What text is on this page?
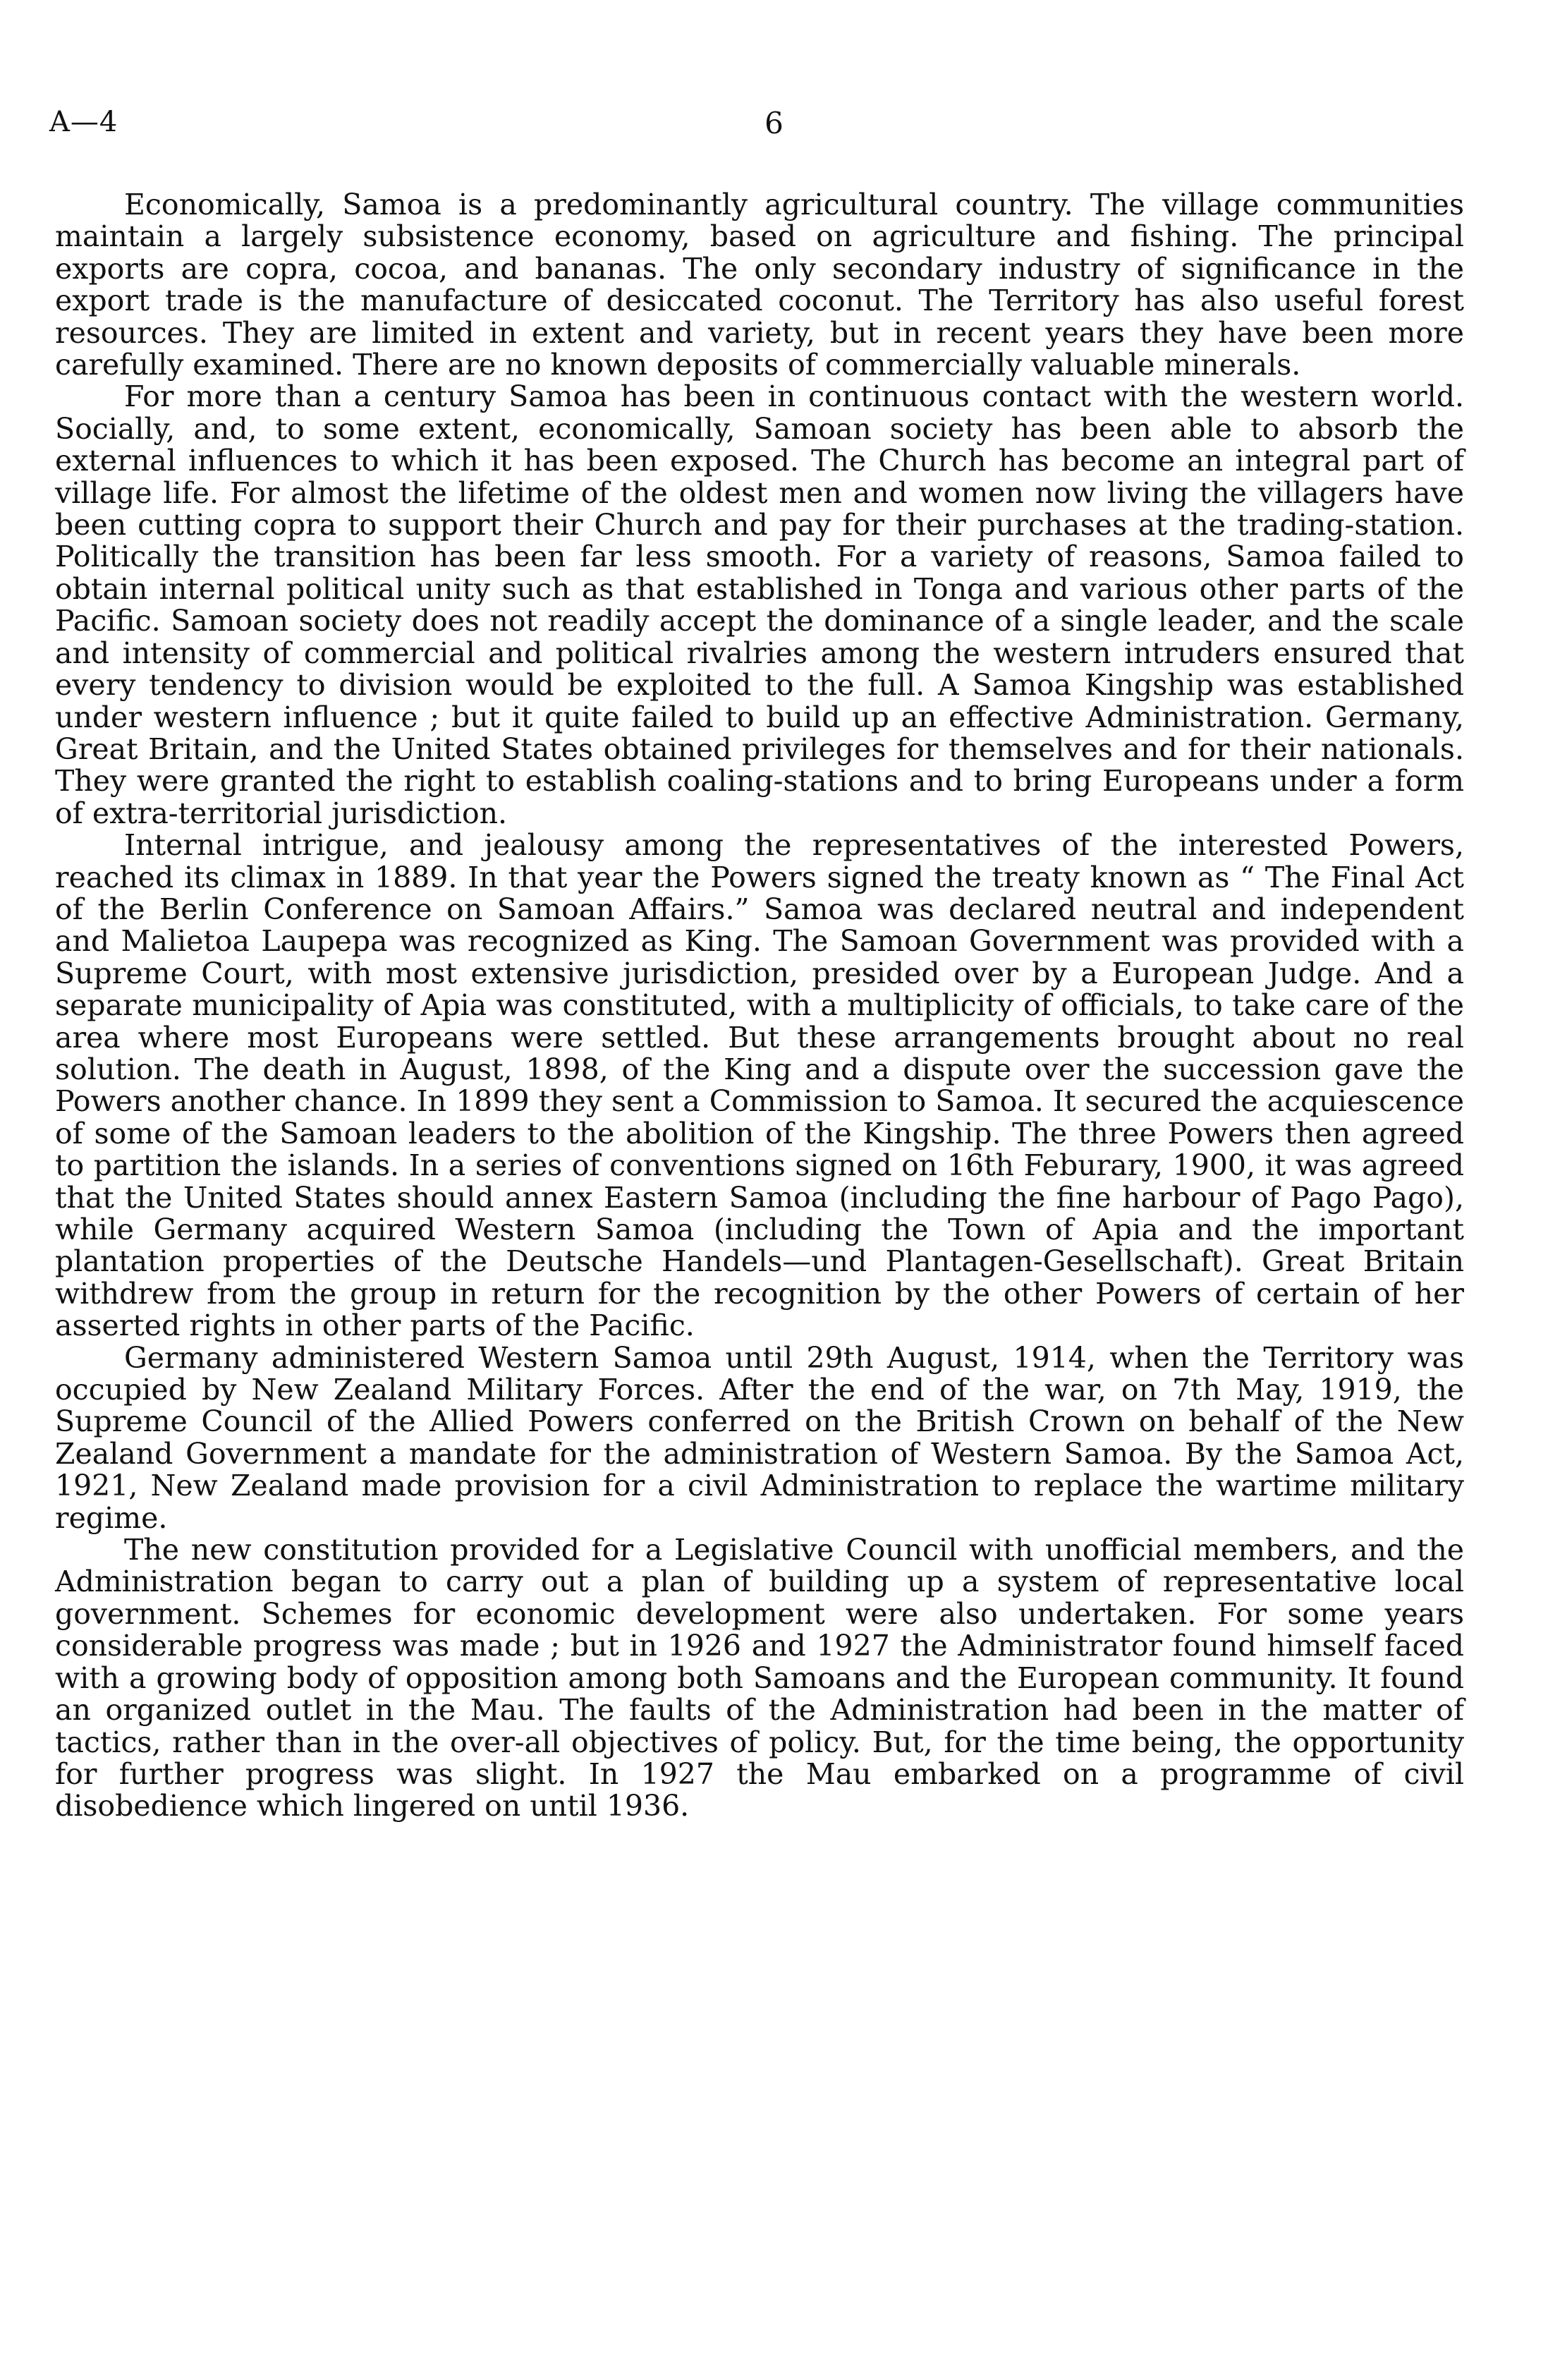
A—4	6

Economically, Samoa is a predominantly agricultural country. The village communities maintain a largely subsistence economy, based on agriculture and fishing. The principal exports are copra, cocoa, and bananas. The only secondary industry of significance in the export trade is the manufacture of desiccated coconut. The Territory has also useful forest resources. They are limited in extent and variety, but in recent years they have been more carefully examined. There are no known deposits of commercially valuable minerals.

For more than a century Samoa has been in continuous contact with the western world. Socially, and, to some extent, economically, Samoan society has been able to absorb the external influences to which it has been exposed. The Church has become an integral part of village life. For almost the lifetime of the oldest men and women now living the villagers have been cutting copra to support their Church and pay for their purchases at the trading-station. Politically the transition has been far less smooth. For a variety of reasons, Samoa failed to obtain internal political unity such as that established in Tonga and various other parts of the Pacific. Samoan society does not readily accept the dominance of a single leader, and the scale and intensity of commercial and political rivalries among the western intruders ensured that every tendency to division would be exploited to the full. A Samoa Kingship was established under western influence ; but it quite failed to build up an effective Administration. Germany, Great Britain, and the United States obtained privileges for themselves and for their nationals. They were granted the right to establish coaling-stations and to bring Europeans under a form of extra-territorial jurisdiction.

Internal intrigue, and jealousy among the representatives of the interested Powers, reached its climax in 1889. In that year the Powers signed the treaty known as “ The Final Act of the Berlin Conference on Samoan Affairs.” Samoa was declared neutral and independent and Malietoa Laupepa was recognized as King. The Samoan Government was provided with a Supreme Court, with most extensive jurisdiction, presided over by a European Judge. And a separate municipality of Apia was constituted, with a multiplicity of officials, to take care of the area where most Europeans were settled. But these arrangements brought about no real solution. The death in August, 1898, of the King and a dispute over the succession gave the Powers another chance. In 1899 they sent a Commission to Samoa. It secured the acquiescence of some of the Samoan leaders to the abolition of the Kingship. The three Powers then agreed to partition the islands. In a series of conventions signed on 16th Feburary, 1900, it was agreed that the United States should annex Eastern Samoa (including the fine harbour of Pago Pago), while Germany acquired Western Samoa (including the Town of Apia and the important plantation properties of the Deutsche Handels—und Plantagen-Gesellschaft). Great Britain withdrew from the group in return for the recognition by the other Powers of certain of her asserted rights in other parts of the Pacific.

Germany administered Western Samoa until 29th August, 1914, when the Territory was occupied by New Zealand Military Forces. After the end of the war, on 7th May, 1919, the Supreme Council of the Allied Powers conferred on the British Crown on behalf of the New Zealand Government a mandate for the administration of Western Samoa. By the Samoa Act, 1921, New Zealand made provision for a civil Administration to replace the wartime military regime.

The new constitution provided for a Legislative Council with unofficial members, and the Administration began to carry out a plan of building up a system of representative local government. Schemes for economic development were also undertaken. For some years considerable progress was made ; but in 1926 and 1927 the Administrator found himself faced with a growing body of opposition among both Samoans and the European community. It found an organized outlet in the Mau. The faults of the Administration had been in the matter of tactics, rather than in the over-all objectives of policy. But, for the time being, the opportunity for further progress was slight. In 1927 the Mau embarked on a programme of civil disobedience which lingered on until 1936.
